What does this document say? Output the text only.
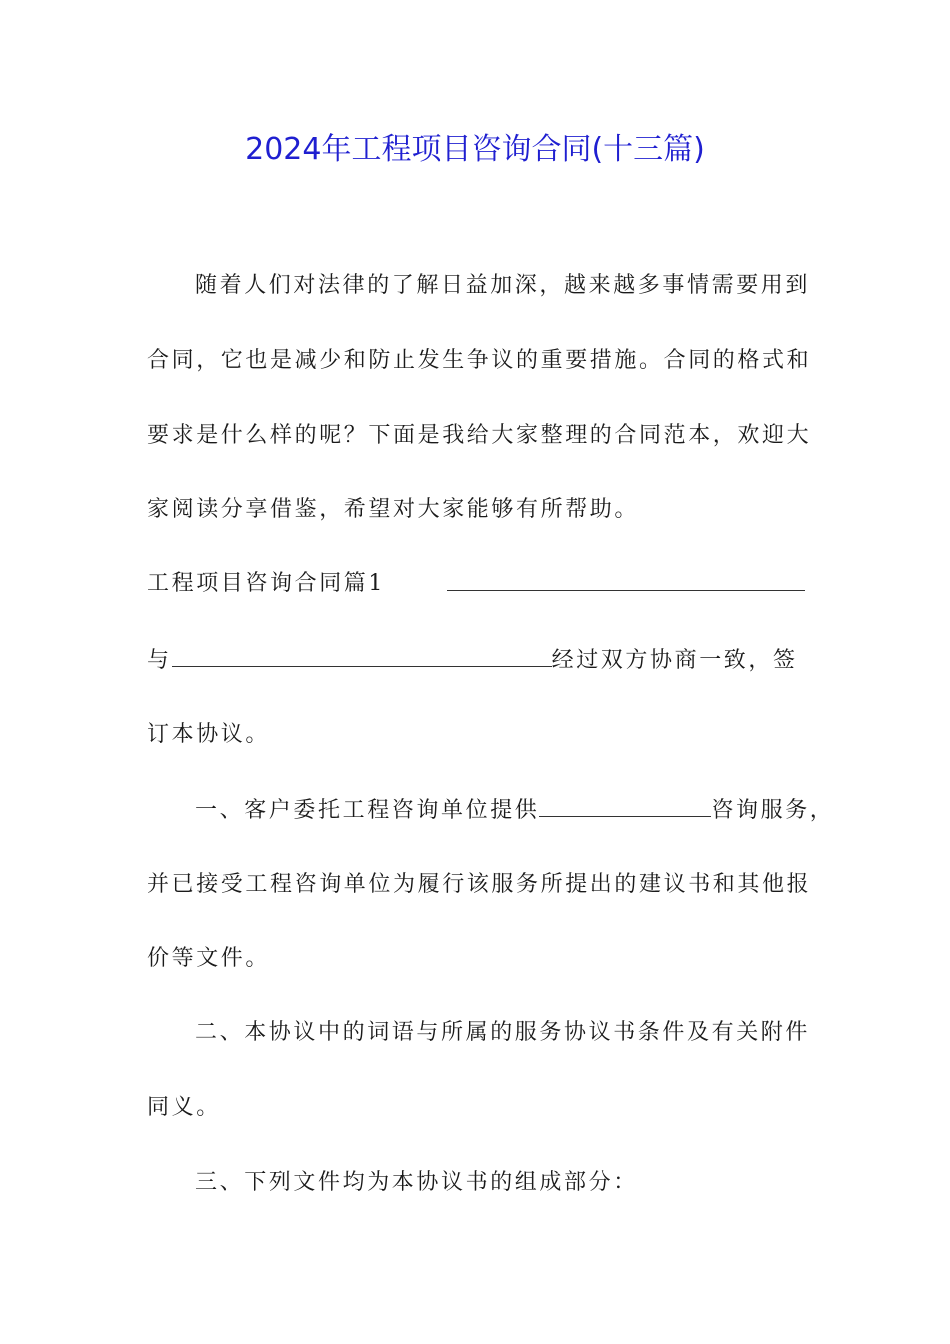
2024年工程项目咨询合同(十三篇)
随着人们对法律的了解日益加深，越来越多事情需要用到
合同，它也是减少和防止发生争议的重要措施。合同的格式和
要求是什么样的呢？下面是我给大家整理的合同范本，欢迎大
家阅读分享借鉴，希望对大家能够有所帮助。
工程项目咨询合同篇1
与	经过双方协商一致，签
订本协议。
一、客户委托工程咨询单位提供	咨询服务，
并已接受工程咨询单位为履行该服务所提出的建议书和其他报
价等文件。
二、本协议中的词语与所属的服务协议书条件及有关附件
同义。
三、下列文件均为本协议书的组成部分：
